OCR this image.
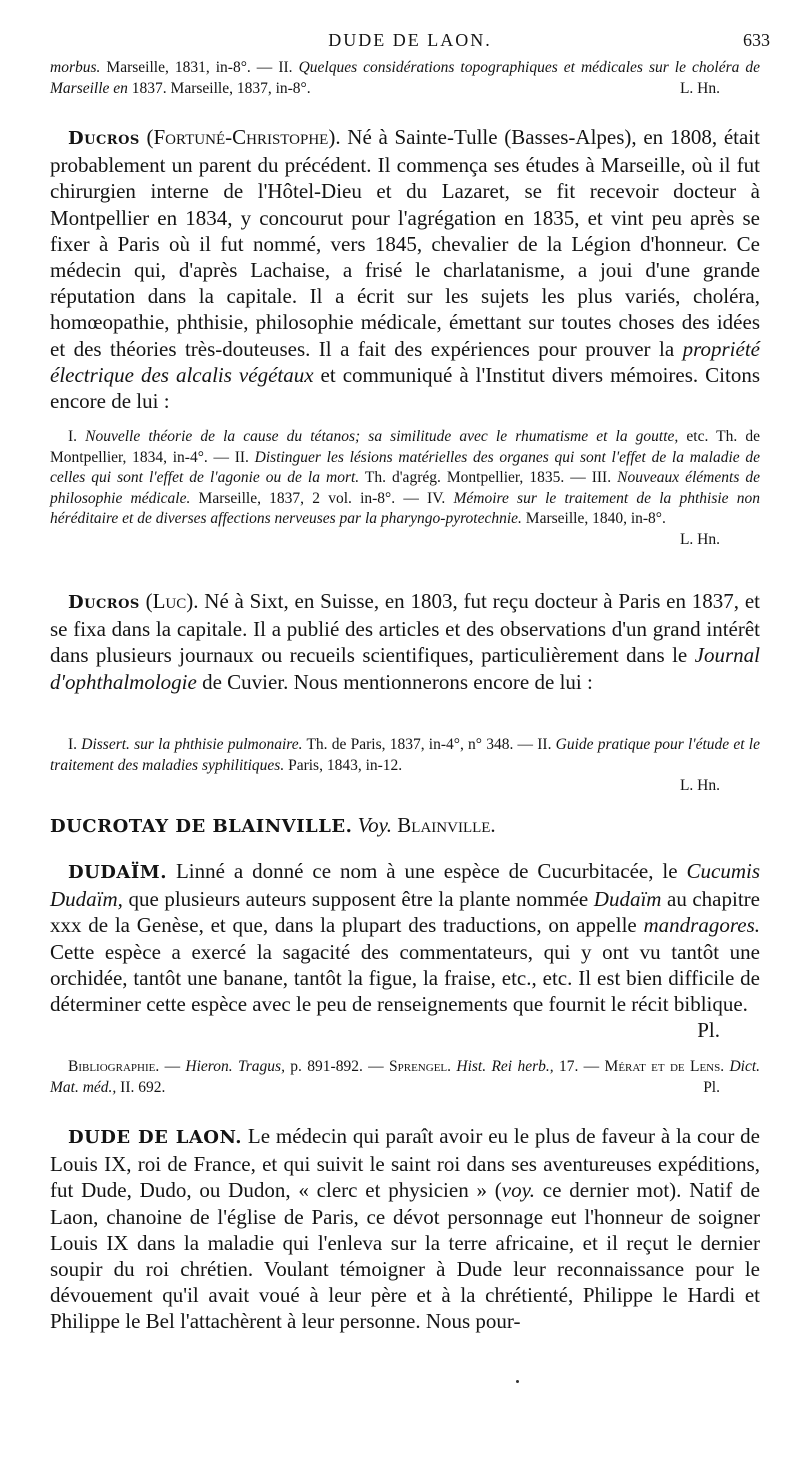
DUDE DE LAON.	633

morbus. Marseille, 1831, in-8°. — II. Quelques considérations topographiques et médicales sur le choléra de Marseille en 1837. Marseille, 1837, in-8°.	L. Hn.

Ducros (Fortuné-Christophe). Né à Sainte-Tulle (Basses-Alpes), en 1808, était probablement un parent du précédent. Il commença ses études à Marseille, où il fut chirurgien interne de l'Hôtel-Dieu et du Lazaret, se fit recevoir docteur à Montpellier en 1834, y concourut pour l'agrégation en 1835, et vint peu après se fixer à Paris où il fut nommé, vers 1845, chevalier de la Légion d'honneur. Ce médecin qui, d'après Lachaise, a frisé le charlatanisme, a joui d'une grande réputation dans la capitale. Il a écrit sur les sujets les plus variés, choléra, homœopathie, phthisie, philosophie médicale, émettant sur toutes choses des idées et des théories très-douteuses. Il a fait des expériences pour prouver la propriété électrique des alcalis végétaux et communiqué à l'Institut divers mémoires. Citons encore de lui :

I. Nouvelle théorie de la cause du tétanos; sa similitude avec le rhumatisme et la goutte, etc. Th. de Montpellier, 1834, in-4°. — II. Distinguer les lésions matérielles des organes qui sont l'effet de la maladie de celles qui sont l'effet de l'agonie ou de la mort. Th. d'agrég. Montpellier, 1835. — III. Nouveaux éléments de philosophie médicale. Marseille, 1837, 2 vol. in-8°. — IV. Mémoire sur le traitement de la phthisie non héréditaire et de diverses affections nerveuses par la pharyngo-pyrotechnie. Marseille, 1840, in-8°.
L. Hn.

Ducros (Luc). Né à Sixt, en Suisse, en 1803, fut reçu docteur à Paris en 1837, et se fixa dans la capitale. Il a publié des articles et des observations d'un grand intérêt dans plusieurs journaux ou recueils scientifiques, particulièrement dans le Journal d'ophthalmologie de Cuvier. Nous mentionnerons encore de lui :

I. Dissert. sur la phthisie pulmonaire. Th. de Paris, 1837, in-4°, n° 348. — II. Guide pratique pour l'étude et le traitement des maladies syphilitiques. Paris, 1843, in-12.
L. Hn.

DUCROTAY DE BLAINVILLE. Voy. Blainville.

DUDAÏM. Linné a donné ce nom à une espèce de Cucurbitacée, le Cucumis Dudaïm, que plusieurs auteurs supposent être la plante nommée Dudaïm au chapitre xxx de la Genèse, et que, dans la plupart des traductions, on appelle mandragores. Cette espèce a exercé la sagacité des commentateurs, qui y ont vu tantôt une orchidée, tantôt une banane, tantôt la figue, la fraise, etc., etc. Il est bien difficile de déterminer cette espèce avec le peu de renseignements que fournit le récit biblique.
Pl.

Bibliographie. — Hieron. Tragus, p. 891-892. — Sprengel. Hist. Rei herb., 17. — Mérat et de Lens. Dict. Mat. méd., II. 692.	Pl.

DUDE DE LAON. Le médecin qui paraît avoir eu le plus de faveur à la cour de Louis IX, roi de France, et qui suivit le saint roi dans ses aventureuses expéditions, fut Dude, Dudo, ou Dudon, « clerc et physicien » (voy. ce dernier mot). Natif de Laon, chanoine de l'église de Paris, ce dévot personnage eut l'honneur de soigner Louis IX dans la maladie qui l'enleva sur la terre africaine, et il reçut le dernier soupir du roi chrétien. Voulant témoigner à Dude leur reconnaissance pour le dévouement qu'il avait voué à leur père et à la chrétienté, Philippe le Hardi et Philippe le Bel l'attachèrent à leur personne. Nous pour-
